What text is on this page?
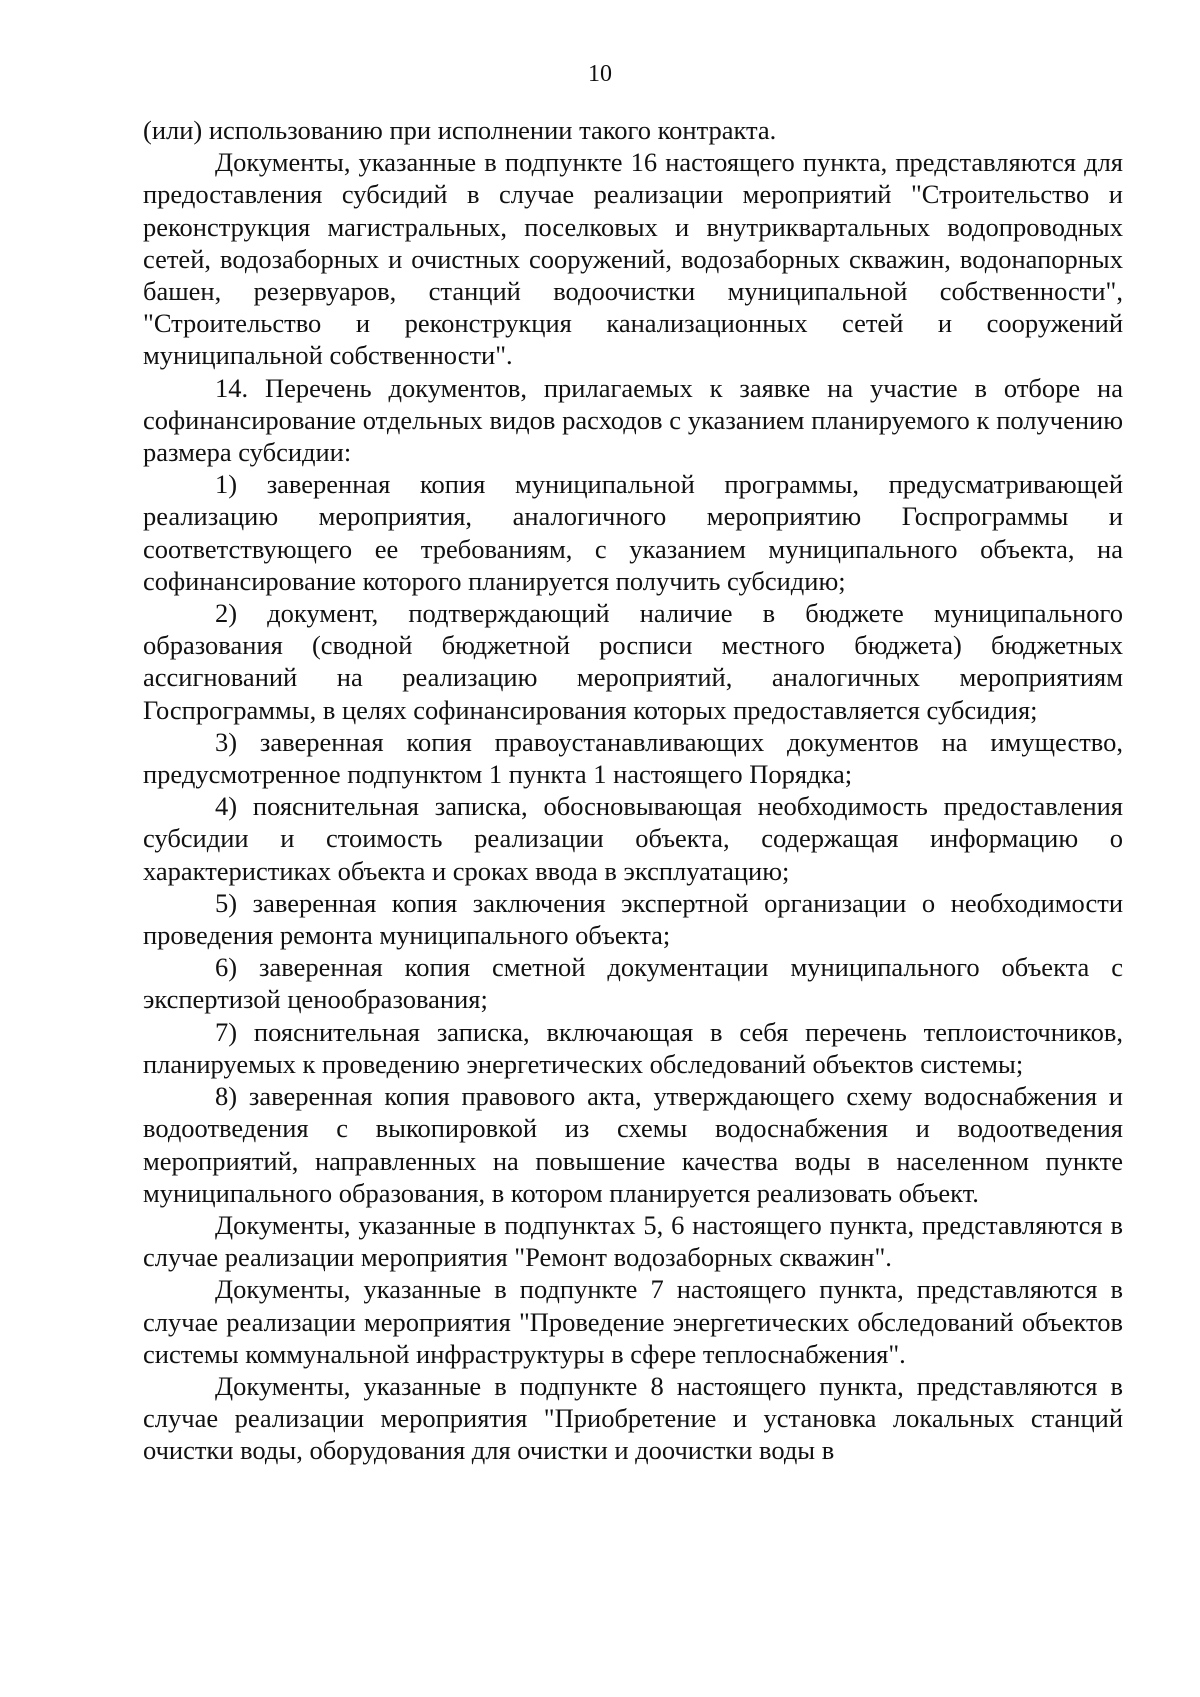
10

(или) использованию при исполнении такого контракта.

Документы, указанные в подпункте 16 настоящего пункта, представляются для предоставления субсидий в случае реализации мероприятий "Строительство и реконструкция магистральных, поселковых и внутриквартальных водопроводных сетей, водозаборных и очистных сооружений, водозаборных скважин, водонапорных башен, резервуаров, станций водоочистки муниципальной собственности", "Строительство и реконструкция канализационных сетей и сооружений муниципальной собственности".

14. Перечень документов, прилагаемых к заявке на участие в отборе на софинансирование отдельных видов расходов с указанием планируемого к получению размера субсидии:

1) заверенная копия муниципальной программы, предусматривающей реализацию мероприятия, аналогичного мероприятию Госпрограммы и соответствующего ее требованиям, с указанием муниципального объекта, на софинансирование которого планируется получить субсидию;

2) документ, подтверждающий наличие в бюджете муниципального образования (сводной бюджетной росписи местного бюджета) бюджетных ассигнований на реализацию мероприятий, аналогичных мероприятиям Госпрограммы, в целях софинансирования которых предоставляется субсидия;

3) заверенная копия правоустанавливающих документов на имущество, предусмотренное подпунктом 1 пункта 1 настоящего Порядка;

4) пояснительная записка, обосновывающая необходимость предоставления субсидии и стоимость реализации объекта, содержащая информацию о характеристиках объекта и сроках ввода в эксплуатацию;

5) заверенная копия заключения экспертной организации о необходимости проведения ремонта муниципального объекта;

6) заверенная копия сметной документации муниципального объекта с экспертизой ценообразования;

7) пояснительная записка, включающая в себя перечень теплоисточников, планируемых к проведению энергетических обследований объектов системы;

8) заверенная копия правового акта, утверждающего схему водоснабжения и водоотведения с выкопировкой из схемы водоснабжения и водоотведения мероприятий, направленных на повышение качества воды в населенном пункте муниципального образования, в котором планируется реализовать объект.

Документы, указанные в подпунктах 5, 6 настоящего пункта, представляются в случае реализации мероприятия "Ремонт водозаборных скважин".

Документы, указанные в подпункте 7 настоящего пункта, представляются в случае реализации мероприятия "Проведение энергетических обследований объектов системы коммунальной инфраструктуры в сфере теплоснабжения".

Документы, указанные в подпункте 8 настоящего пункта, представляются в случае реализации мероприятия "Приобретение и установка локальных станций очистки воды, оборудования для очистки и доочистки воды в
